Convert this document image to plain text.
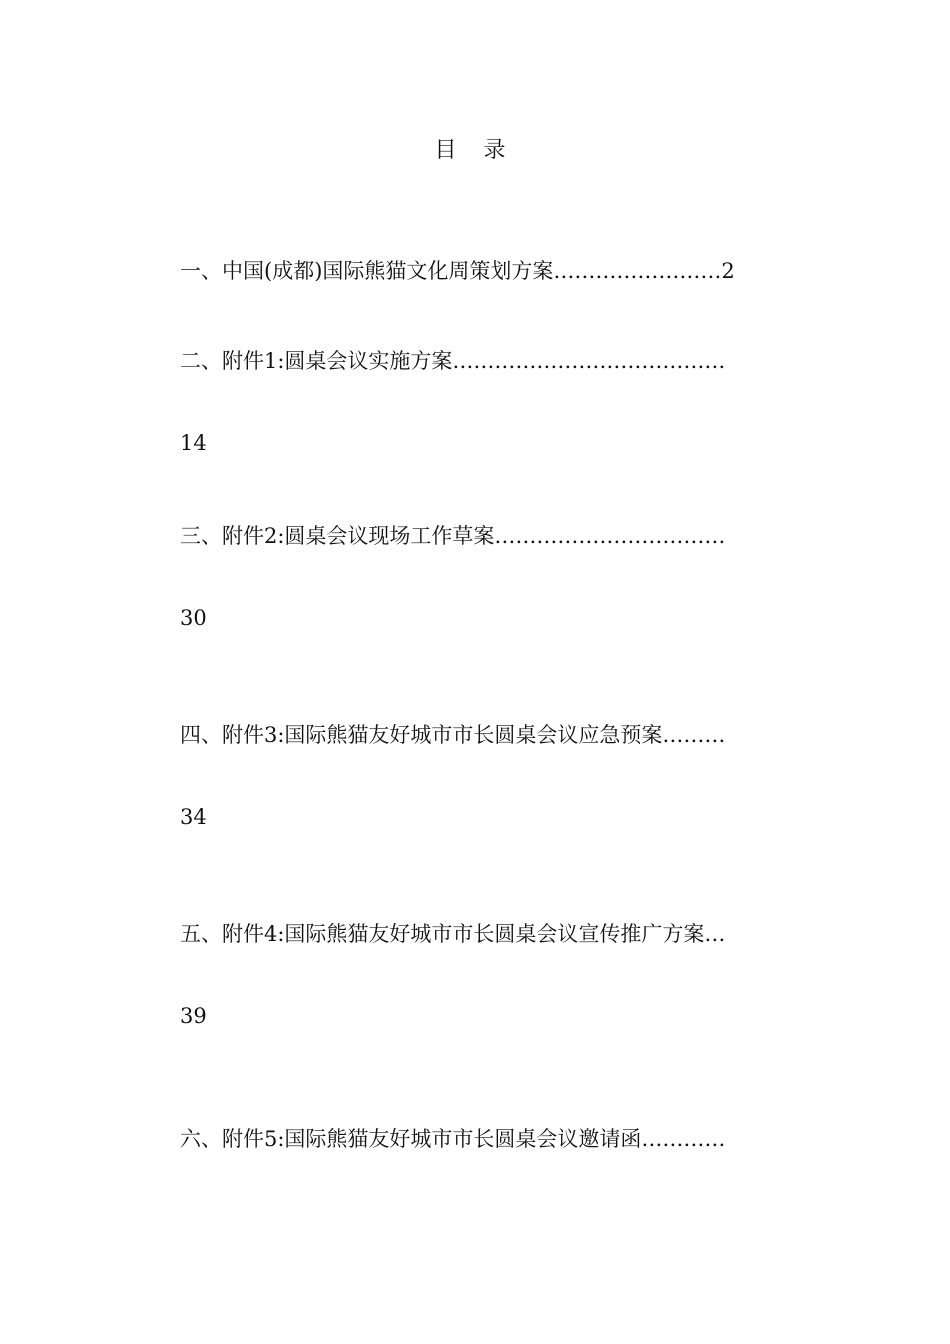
目 录
一、中国(成都)国际熊猫文化周策划方案……………………2
二、附件1:圆桌会议实施方案…………………………………
14
三、附件2:圆桌会议现场工作草案……………………………
30
四、附件3:国际熊猫友好城市市长圆桌会议应急预案………
34
五、附件4:国际熊猫友好城市市长圆桌会议宣传推广方案…
39
六、附件5:国际熊猫友好城市市长圆桌会议邀请函…………
